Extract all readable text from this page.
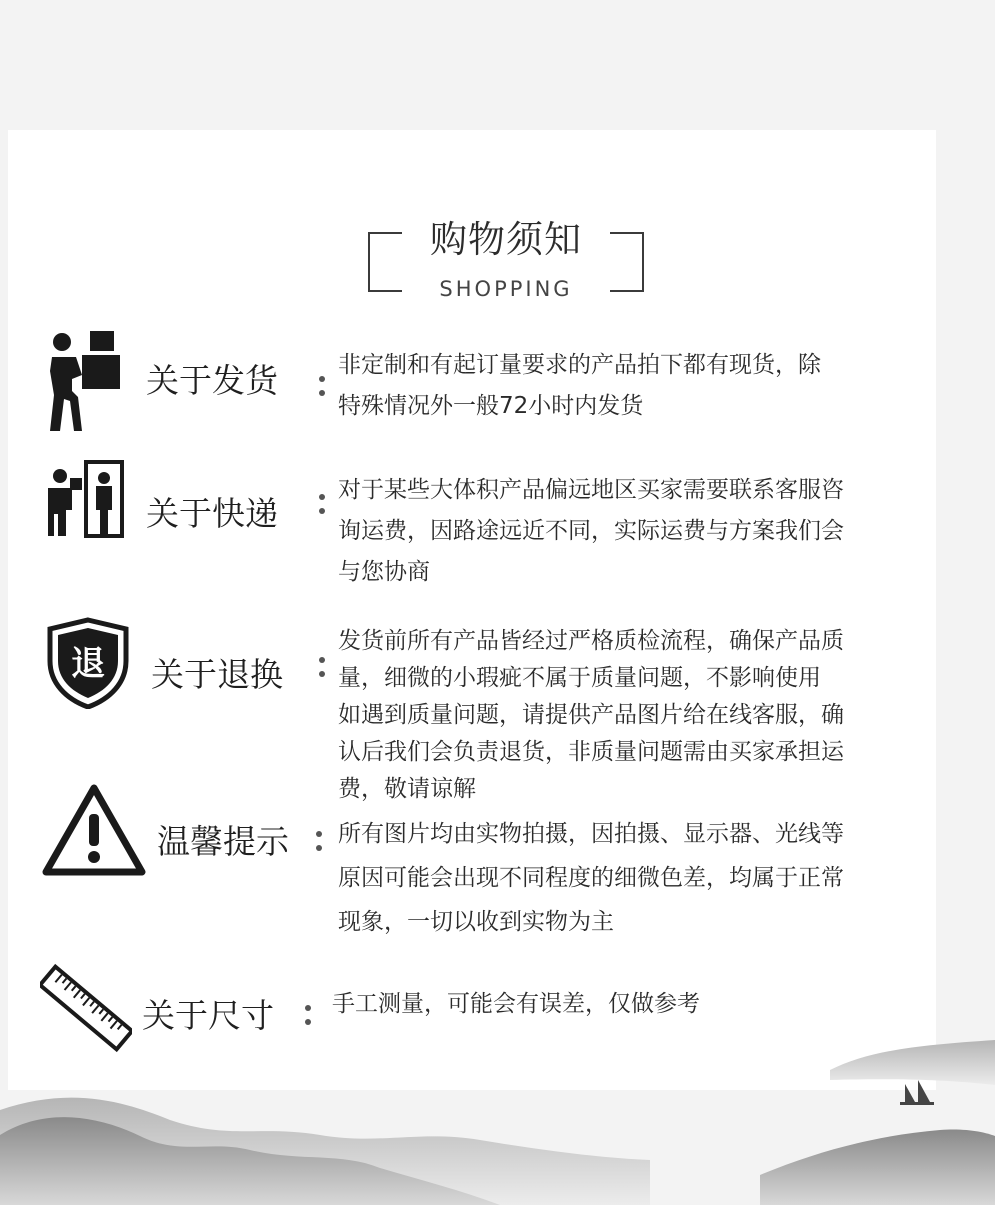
购物须知
SHOPPING
关于发货	非定制和有起订量要求的产品拍下都有现货，除
特殊情况外一般72小时内发货
关于快递
对于某些大体积产品偏远地区买家需要联系客服咨
询运费，因路途远近不同，实际运费与方案我们会
与您协商
退 关于退换
发货前所有产品皆经过严格质检流程，确保产品质
量，细微的小瑕疵不属于质量问题，不影响使用
如遇到质量问题，请提供产品图片给在线客服，确
认后我们会负责退货，非质量问题需由买家承担运
费，敬请谅解
温馨提示 所有图片均由实物拍摄，因拍摄、显示器、光线等
原因可能会出现不同程度的细微色差，均属于正常
现象，一切以收到实物为主
关于尺寸	手工测量，可能会有误差，仅做参考
